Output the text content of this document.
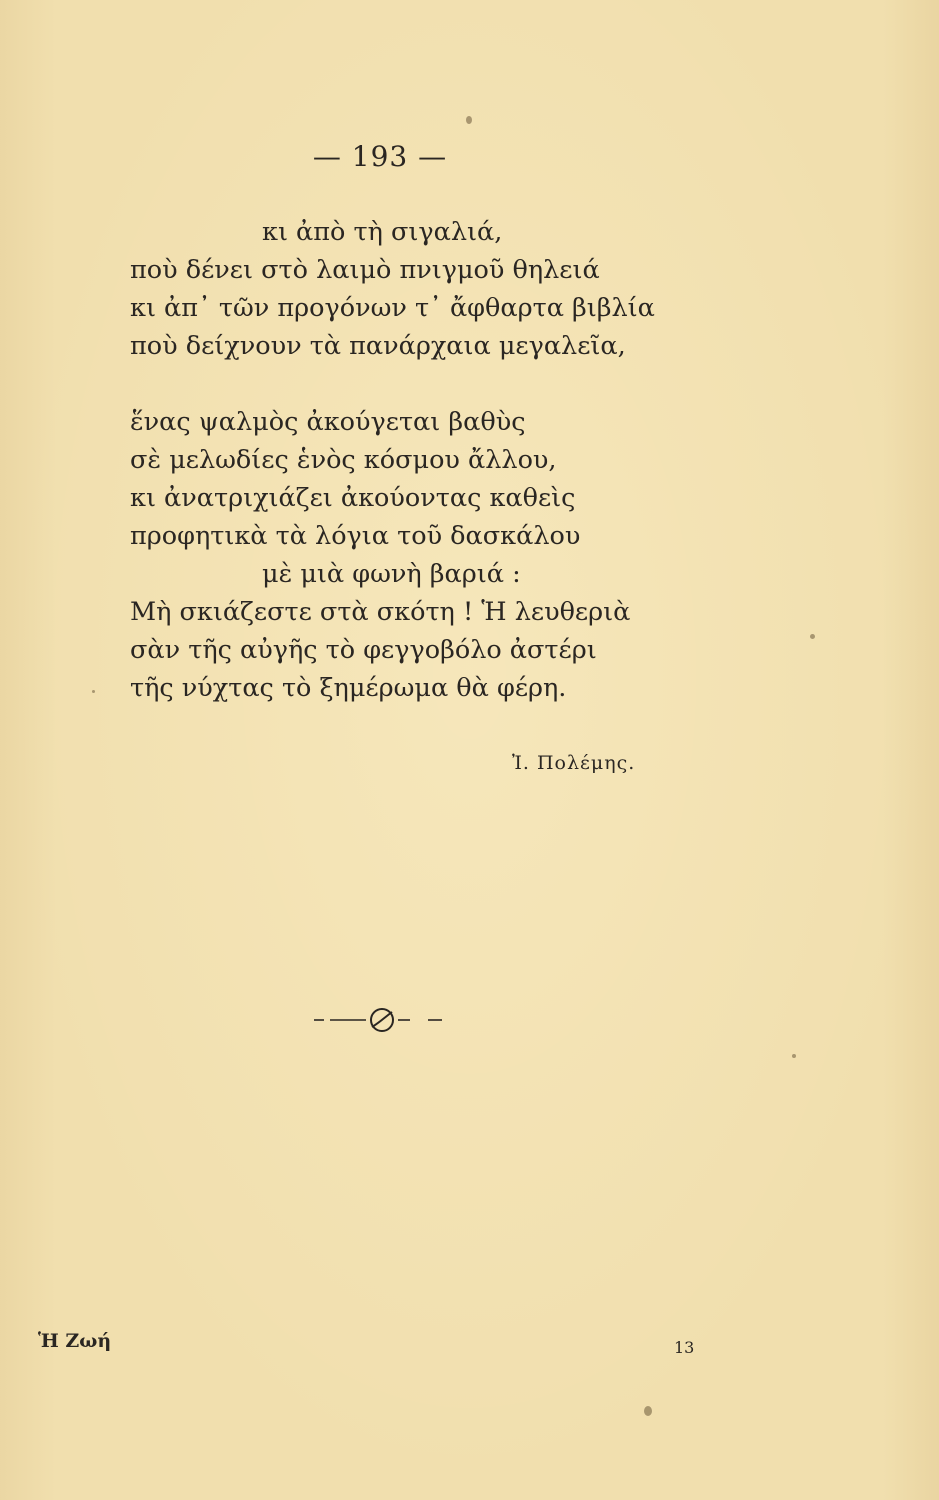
— 193 —
κι ἀπὸ τὴ σιγαλιά,
ποὺ δένει στὸ λαιμὸ πνιγμοῦ θηλειά
κι ἀπ᾿ τῶν προγόνων τ᾿ ἄφθαρτα βιβλία
ποὺ δείχνουν τὰ πανάρχαια μεγαλεῖα,
ἕνας ψαλμὸς ἀκούγεται βαθὺς
σὲ μελωδίες ἑνὸς κόσμου ἄλλου,
κι ἀνατριχιάζει ἀκούοντας καθεὶς
προφητικὰ τὰ λόγια τοῦ δασκάλου
μὲ μιὰ φωνὴ βαριά :
Μὴ σκιάζεστε στὰ σκότη ! Ἡ λευθεριὰ
σὰν τῆς αὐγῆς τὸ φεγγοβόλο ἀστέρι
τῆς νύχτας τὸ ξημέρωμα θὰ φέρη.
Ἰ. Πολέμης.
Ἡ Ζωή	13
